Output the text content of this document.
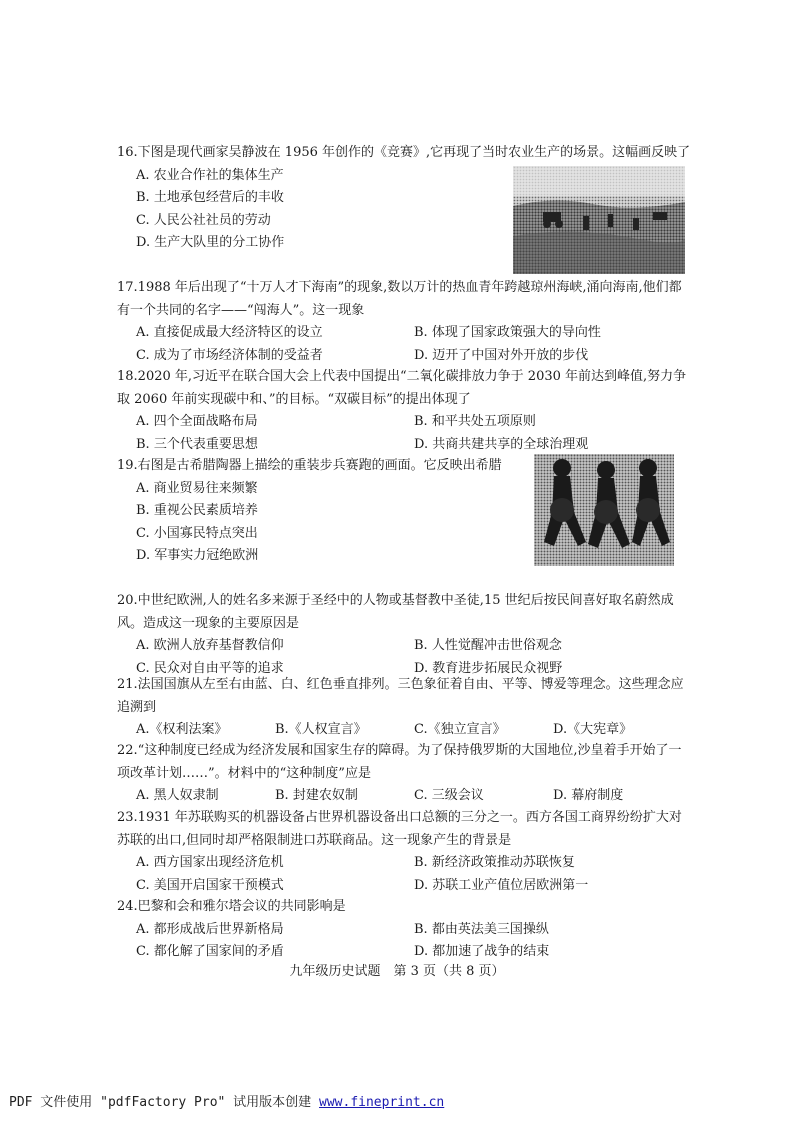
16.下图是现代画家吴静波在 1956 年创作的《竞赛》,它再现了当时农业生产的场景。这幅画反映了

A. 农业合作社的集体生产
B. 土地承包经营后的丰收
C. 人民公社社员的劳动
D. 生产大队里的分工协作

17.1988 年后出现了“十万人才下海南”的现象,数以万计的热血青年跨越琼州海峡,涌向海南,他们都有一个共同的名字——“闯海人”。这一现象

A. 直接促成最大经济特区的设立	B. 体现了国家政策强大的导向性
C. 成为了市场经济体制的受益者	D. 迈开了中国对外开放的步伐

18.2020 年,习近平在联合国大会上代表中国提出“二氧化碳排放力争于 2030 年前达到峰值,努力争取 2060 年前实现碳中和、”的目标。“双碳目标”的提出体现了

A. 四个全面战略布局	B. 和平共处五项原则
B. 三个代表重要思想	D. 共商共建共享的全球治理观

19.右图是古希腊陶器上描绘的重装步兵赛跑的画面。它反映出希腊

A. 商业贸易往来频繁
B. 重视公民素质培养
C. 小国寡民特点突出
D. 军事实力冠绝欧洲

20.中世纪欧洲,人的姓名多来源于圣经中的人物或基督教中圣徒,15 世纪后按民间喜好取名蔚然成风。造成这一现象的主要原因是

A. 欧洲人放弃基督教信仰	B. 人性觉醒冲击世俗观念
C. 民众对自由平等的追求	D. 教育进步拓展民众视野

21.法国国旗从左至右由蓝、白、红色垂直排列。三色象征着自由、平等、博爱等理念。这些理念应追溯到

A.《权利法案》	B.《人权宣言》	C.《独立宣言》	D.《大宪章》

22.“这种制度已经成为经济发展和国家生存的障碍。为了保持俄罗斯的大国地位,沙皇着手开始了一项改革计划……”。材料中的“这种制度”应是

A. 黑人奴隶制	B. 封建农奴制	C. 三级会议	D. 幕府制度

23.1931 年苏联购买的机器设备占世界机器设备出口总额的三分之一。西方各国工商界纷纷扩大对苏联的出口,但同时却严格限制进口苏联商品。这一现象产生的背景是

A. 西方国家出现经济危机	B. 新经济政策推动苏联恢复
C. 美国开启国家干预模式	D. 苏联工业产值位居欧洲第一

24.巴黎和会和雅尔塔会议的共同影响是

A. 都形成战后世界新格局	B. 都由英法美三国操纵
C. 都化解了国家间的矛盾	D. 都加速了战争的结束
九年级历史试题　第 3 页（共 8 页）
PDF 文件使用 "pdfFactory Pro" 试用版本创建 www.fineprint.cn
